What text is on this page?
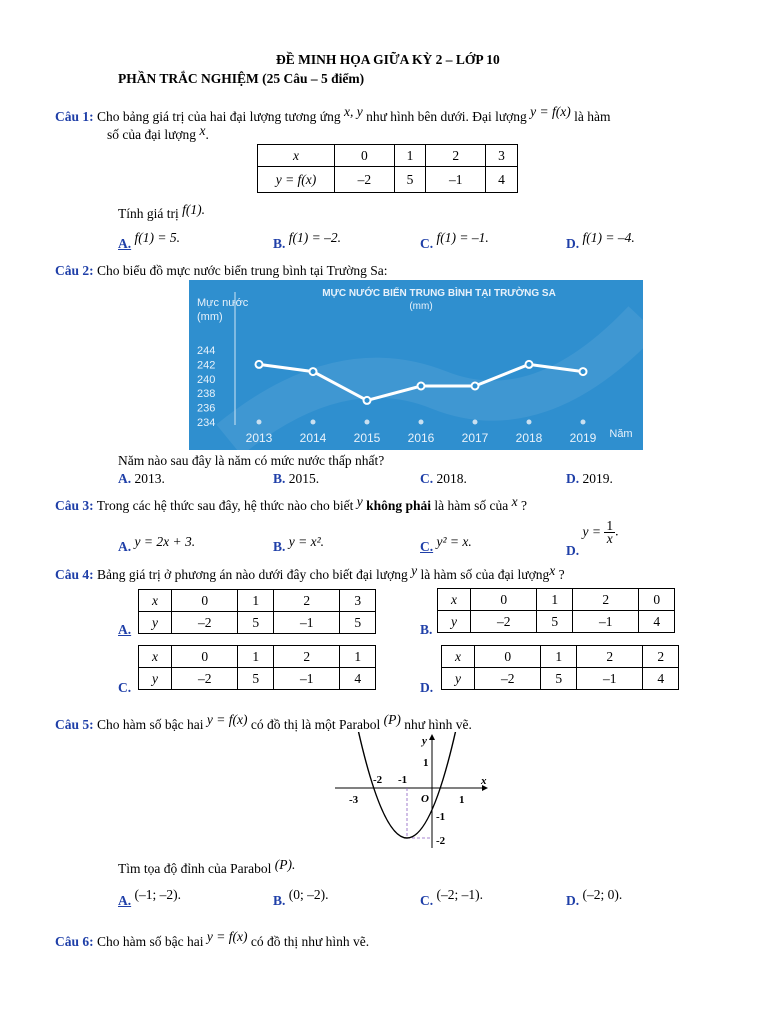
ĐỀ MINH HỌA GIỮA KỲ 2 – LỚP 10
PHẦN TRẮC NGHIỆM (25 Câu – 5 điểm)
Câu 1: Cho bảng giá trị của hai đại lượng tương ứng x, y như hình bên dưới. Đại lượng y = f(x) là hàm
số của đại lượng x.
x	0	1	2	3
y = f(x)	–2	5	–1	4
Tính giá trị f(1).
A. f(1) = 5.	B. f(1) = –2.	C. f(1) = –1.	D. f(1) = –4.
Câu 2: Cho biểu đồ mực nước biển trung bình tại Trường Sa:
MỰC NƯỚC BIỂN TRUNG BÌNH TẠI TRƯỜNG SA
(mm)
Mực nước
(mm)
Năm
244
242
240
238
236
234
2013 2014 2015 2016 2017 2018 2019
Năm nào sau đây là năm có mức nước thấp nhất?
A. 2013.	B. 2015.	C. 2018.	D. 2019.
Câu 3: Trong các hệ thức sau đây, hệ thức nào cho biết y không phải là hàm số của x ?
A. y = 2x + 3.	B. y = x².	C. y² = x.
D. $y = \frac{1}{x}$ .
Câu 4: Bảng giá trị ở phương án nào dưới đây cho biết đại lượng y là hàm số của đại lượngx ?
A.
x	0	1	2	3
y	–2	5	–1	5	B.
x	0	1	2	0
y	–2	5	–1	4
C.
x	0	1	2	1
y	–2	5	–1	4
D.
x	0	1	2	2
y	–2	5	–1	4
Câu 5: Cho hàm số bậc hai y = f(x) có đồ thị là một Parabol (P) như hình vẽ.
y
x
O
1
-2 -1
-3	1
-1
-2
Tìm tọa độ đỉnh của Parabol (P).
A. (–1; –2).	B. (0; –2).	C. (–2; –1).	D. (–2; 0).
Câu 6: Cho hàm số bậc hai y = f(x) có đồ thị như hình vẽ.
